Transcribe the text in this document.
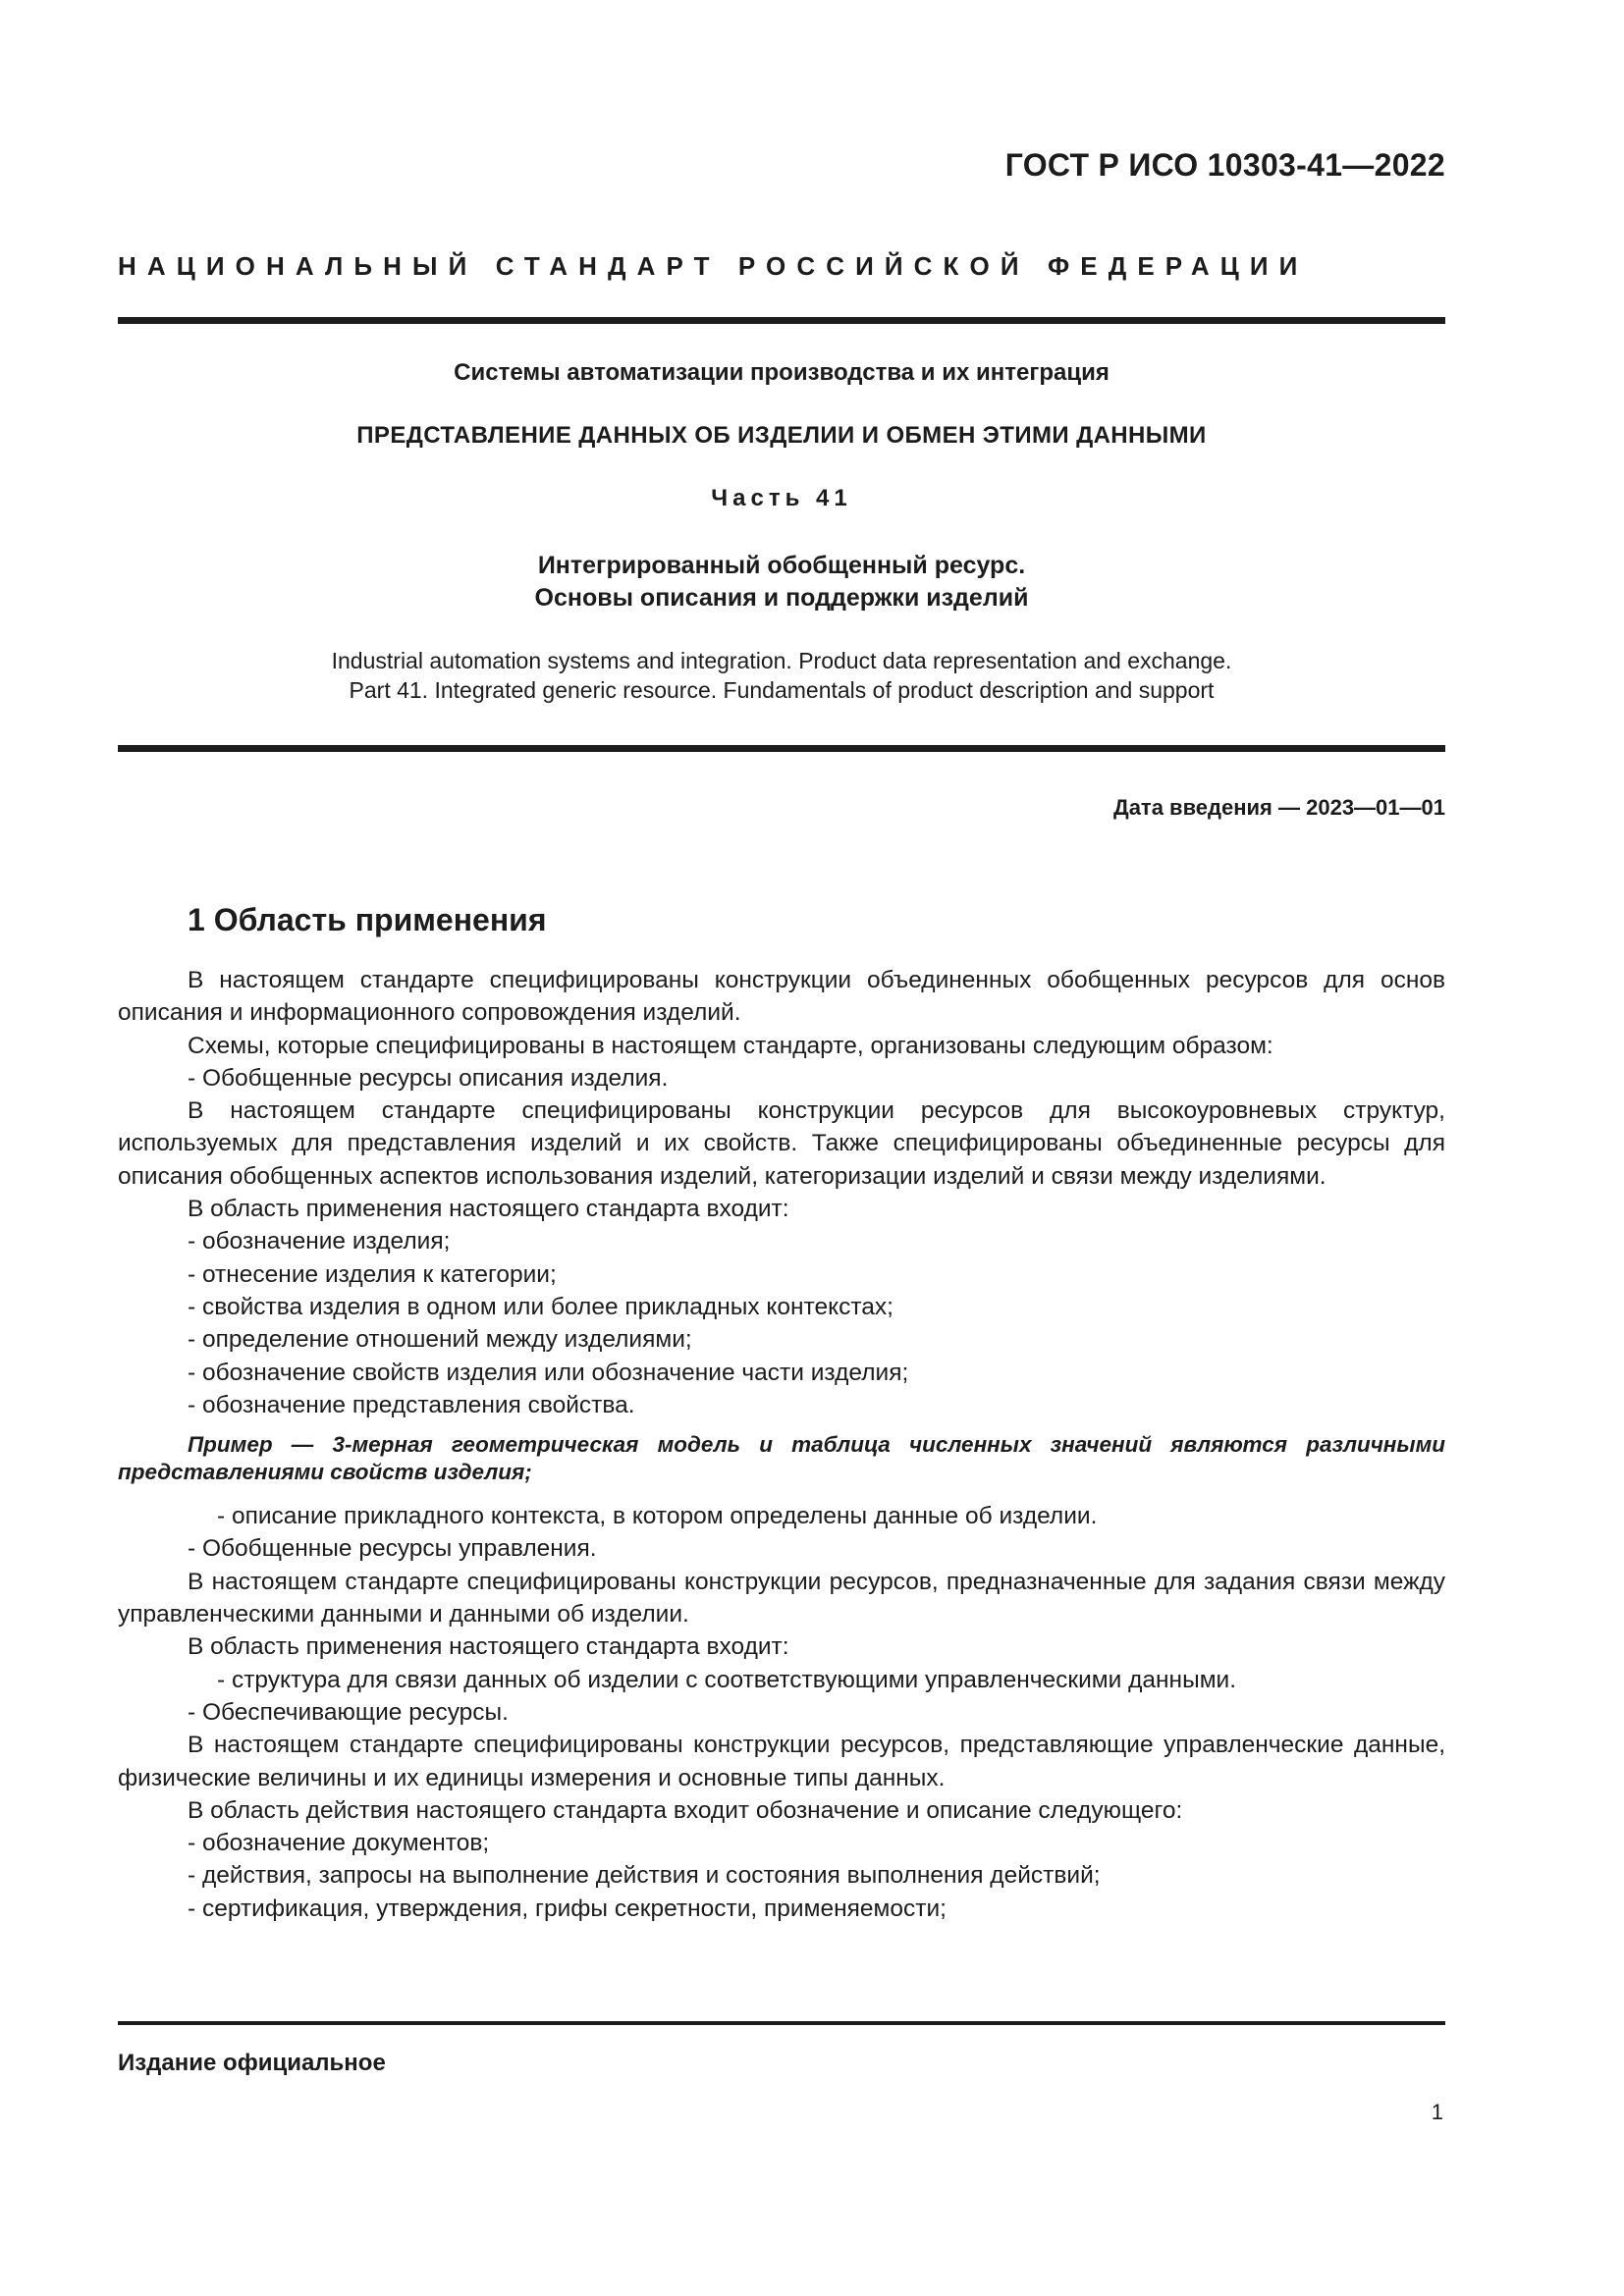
ГОСТ Р ИСО 10303-41—2022
НАЦИОНАЛЬНЫЙ СТАНДАРТ РОССИЙСКОЙ ФЕДЕРАЦИИ
Системы автоматизации производства и их интеграция
ПРЕДСТАВЛЕНИЕ ДАННЫХ ОБ ИЗДЕЛИИ И ОБМЕН ЭТИМИ ДАННЫМИ
Часть 41
Интегрированный обобщенный ресурс.
Основы описания и поддержки изделий
Industrial automation systems and integration. Product data representation and exchange.
Part 41. Integrated generic resource. Fundamentals of product description and support
Дата введения — 2023—01—01
1 Область применения

В настоящем стандарте специфицированы конструкции объединенных обобщенных ресурсов для основ описания и информационного сопровождения изделий.

Схемы, которые специфицированы в настоящем стандарте, организованы следующим образом:

- Обобщенные ресурсы описания изделия.

В настоящем стандарте специфицированы конструкции ресурсов для высокоуровневых структур, используемых для представления изделий и их свойств. Также специфицированы объединенные ресурсы для описания обобщенных аспектов использования изделий, категоризации изделий и связи между изделиями.

В область применения настоящего стандарта входит:

- обозначение изделия;

- отнесение изделия к категории;

- свойства изделия в одном или более прикладных контекстах;

- определение отношений между изделиями;

- обозначение свойств изделия или обозначение части изделия;

- обозначение представления свойства.

Пример — 3-мерная геометрическая модель и таблица численных значений являются различными представлениями свойств изделия;

- описание прикладного контекста, в котором определены данные об изделии.

- Обобщенные ресурсы управления.

В настоящем стандарте специфицированы конструкции ресурсов, предназначенные для задания связи между управленческими данными и данными об изделии.

В область применения настоящего стандарта входит:

- структура для связи данных об изделии с соответствующими управленческими данными.

- Обеспечивающие ресурсы.

В настоящем стандарте специфицированы конструкции ресурсов, представляющие управленческие данные, физические величины и их единицы измерения и основные типы данных.

В область действия настоящего стандарта входит обозначение и описание следующего:

- обозначение документов;

- действия, запросы на выполнение действия и состояния выполнения действий;

- сертификация, утверждения, грифы секретности, применяемости;

Издание официальное
1
